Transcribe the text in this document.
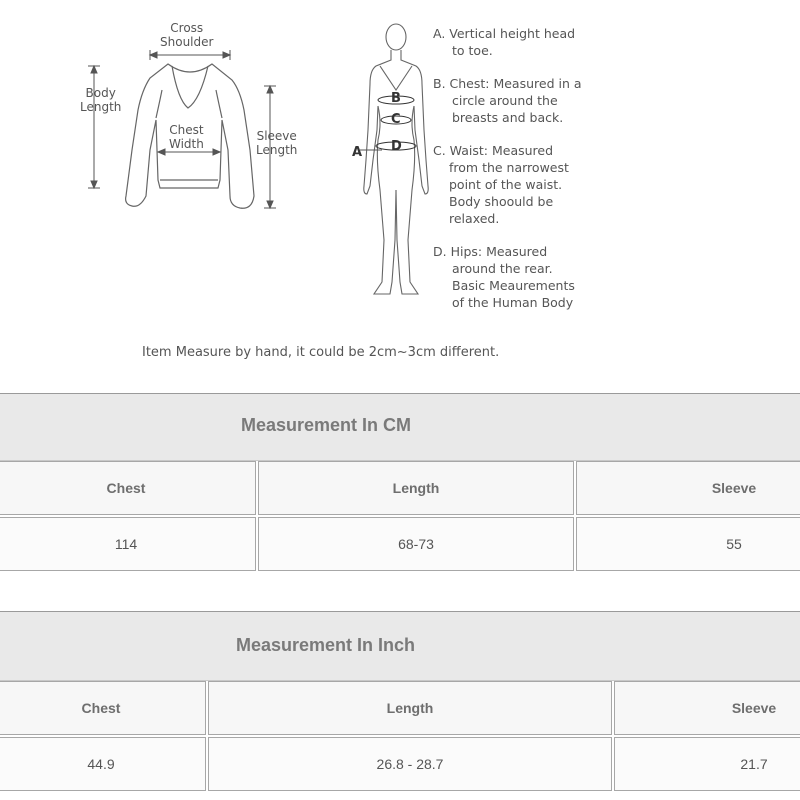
Cross
Shoulder
Body
Length
Chest
Width
Sleeve
Length	A
B
C
D

A. Vertical height head
to toe.

B. Chest: Measured in a
circle around the
breasts and back.

C. Waist: Measured
from the narrowest
point of the waist.
Body shoould be
relaxed.

D. Hips: Measured
around the rear.
Basic Meaurements
of the Human Body

Item Measure by hand, it could be 2cm~3cm different.
Measurement In CM
Chest	Length	Sleeve
114	68-73	55
Measurement In Inch
Chest	Length	Sleeve
44.9	26.8 - 28.7	21.7
